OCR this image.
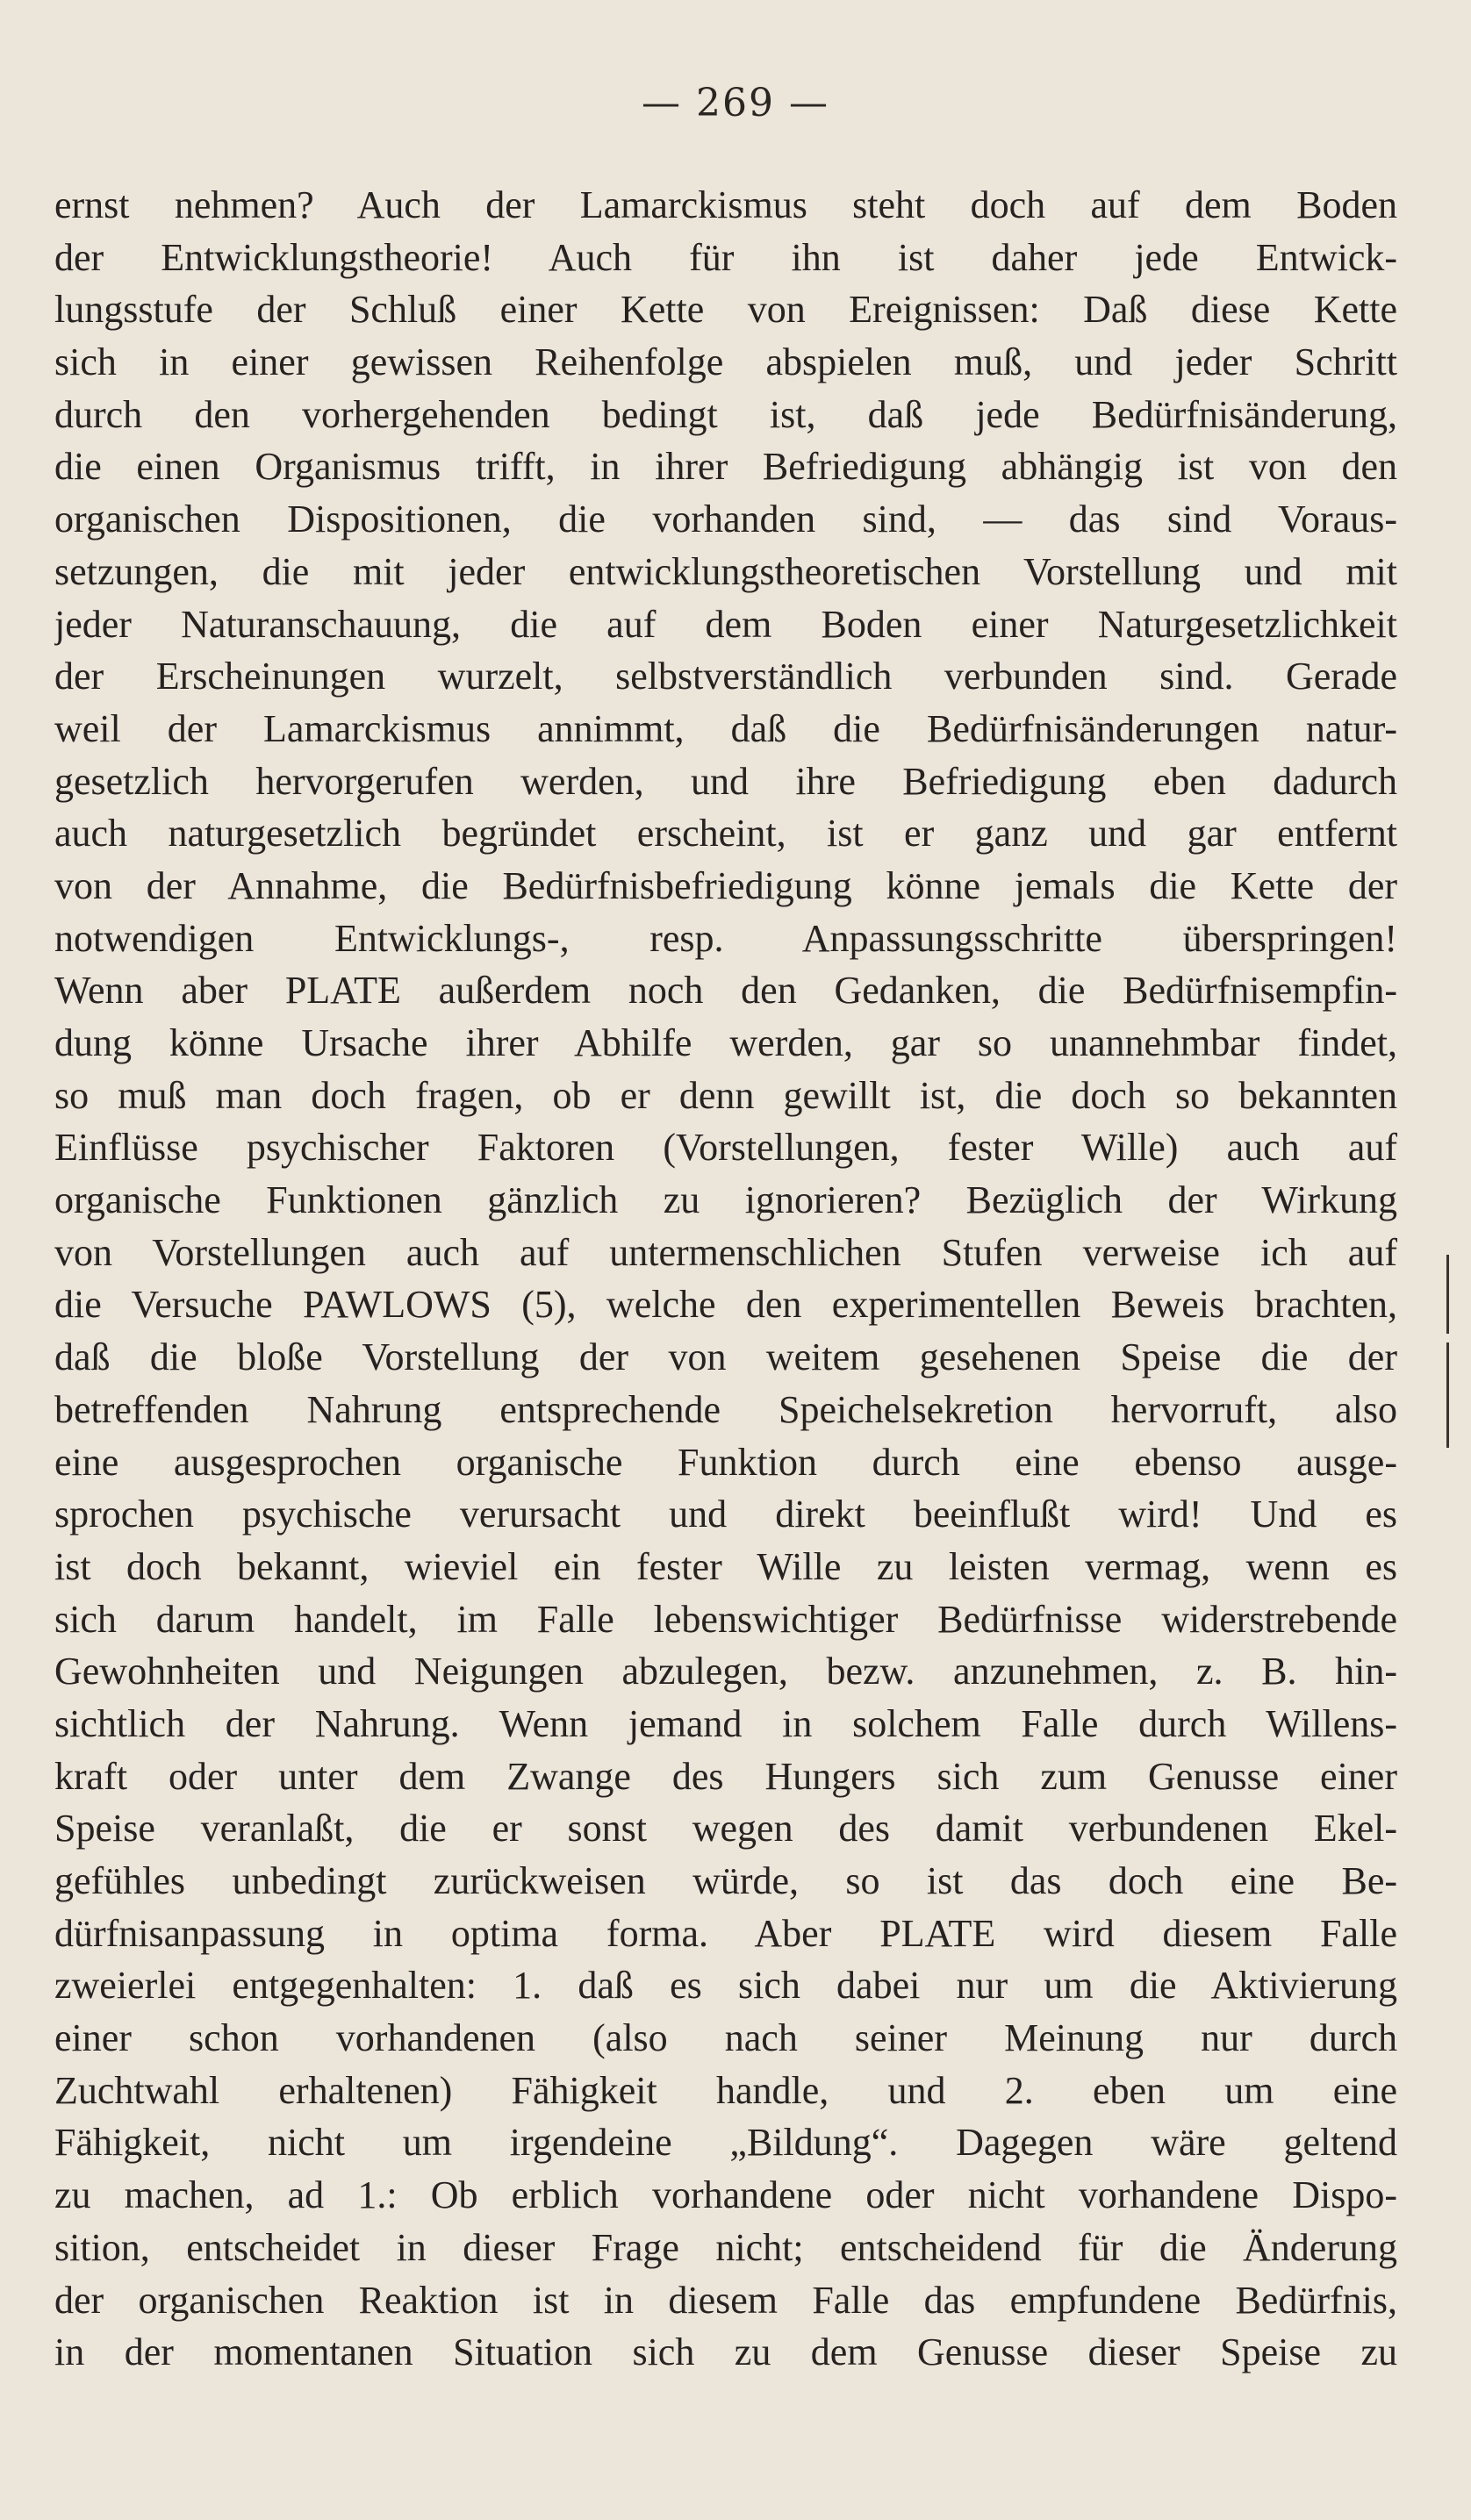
— 269 —
ernst nehmen? Auch der Lamarckismus steht doch auf dem Boden
der Entwicklungstheorie! Auch für ihn ist daher jede Entwick-
lungsstufe der Schluß einer Kette von Ereignissen: Daß diese Kette
sich in einer gewissen Reihenfolge abspielen muß, und jeder Schritt
durch den vorhergehenden bedingt ist, daß jede Bedürfnisänderung,
die einen Organismus trifft, in ihrer Befriedigung abhängig ist von den
organischen Dispositionen, die vorhanden sind, — das sind Voraus-
setzungen, die mit jeder entwicklungstheoretischen Vorstellung und mit
jeder Naturanschauung, die auf dem Boden einer Naturgesetzlichkeit
der Erscheinungen wurzelt, selbstverständlich verbunden sind. Gerade
weil der Lamarckismus annimmt, daß die Bedürfnisänderungen natur-
gesetzlich hervorgerufen werden, und ihre Befriedigung eben dadurch
auch naturgesetzlich begründet erscheint, ist er ganz und gar entfernt
von der Annahme, die Bedürfnisbefriedigung könne jemals die Kette der
notwendigen Entwicklungs-, resp. Anpassungsschritte überspringen!
Wenn aber PLATE außerdem noch den Gedanken, die Bedürfnisempfin-
dung könne Ursache ihrer Abhilfe werden, gar so unannehmbar findet,
so muß man doch fragen, ob er denn gewillt ist, die doch so bekannten
Einflüsse psychischer Faktoren (Vorstellungen, fester Wille) auch auf
organische Funktionen gänzlich zu ignorieren? Bezüglich der Wirkung
von Vorstellungen auch auf untermenschlichen Stufen verweise ich auf
die Versuche PAWLOWS (5), welche den experimentellen Beweis brachten,
daß die bloße Vorstellung der von weitem gesehenen Speise die der
betreffenden Nahrung entsprechende Speichelsekretion hervorruft, also
eine ausgesprochen organische Funktion durch eine ebenso ausge-
sprochen psychische verursacht und direkt beeinflußt wird! Und es
ist doch bekannt, wieviel ein fester Wille zu leisten vermag, wenn es
sich darum handelt, im Falle lebenswichtiger Bedürfnisse widerstrebende
Gewohnheiten und Neigungen abzulegen, bezw. anzunehmen, z. B. hin-
sichtlich der Nahrung. Wenn jemand in solchem Falle durch Willens-
kraft oder unter dem Zwange des Hungers sich zum Genusse einer
Speise veranlaßt, die er sonst wegen des damit verbundenen Ekel-
gefühles unbedingt zurückweisen würde, so ist das doch eine Be-
dürfnisanpassung in optima forma. Aber PLATE wird diesem Falle
zweierlei entgegenhalten: 1. daß es sich dabei nur um die Aktivierung
einer schon vorhandenen (also nach seiner Meinung nur durch
Zuchtwahl erhaltenen) Fähigkeit handle, und 2. eben um eine
Fähigkeit, nicht um irgendeine „Bildung“. Dagegen wäre geltend
zu machen, ad 1.: Ob erblich vorhandene oder nicht vorhandene Dispo-
sition, entscheidet in dieser Frage nicht; entscheidend für die Änderung
der organischen Reaktion ist in diesem Falle das empfundene Bedürfnis,
in der momentanen Situation sich zu dem Genusse dieser Speise zu
